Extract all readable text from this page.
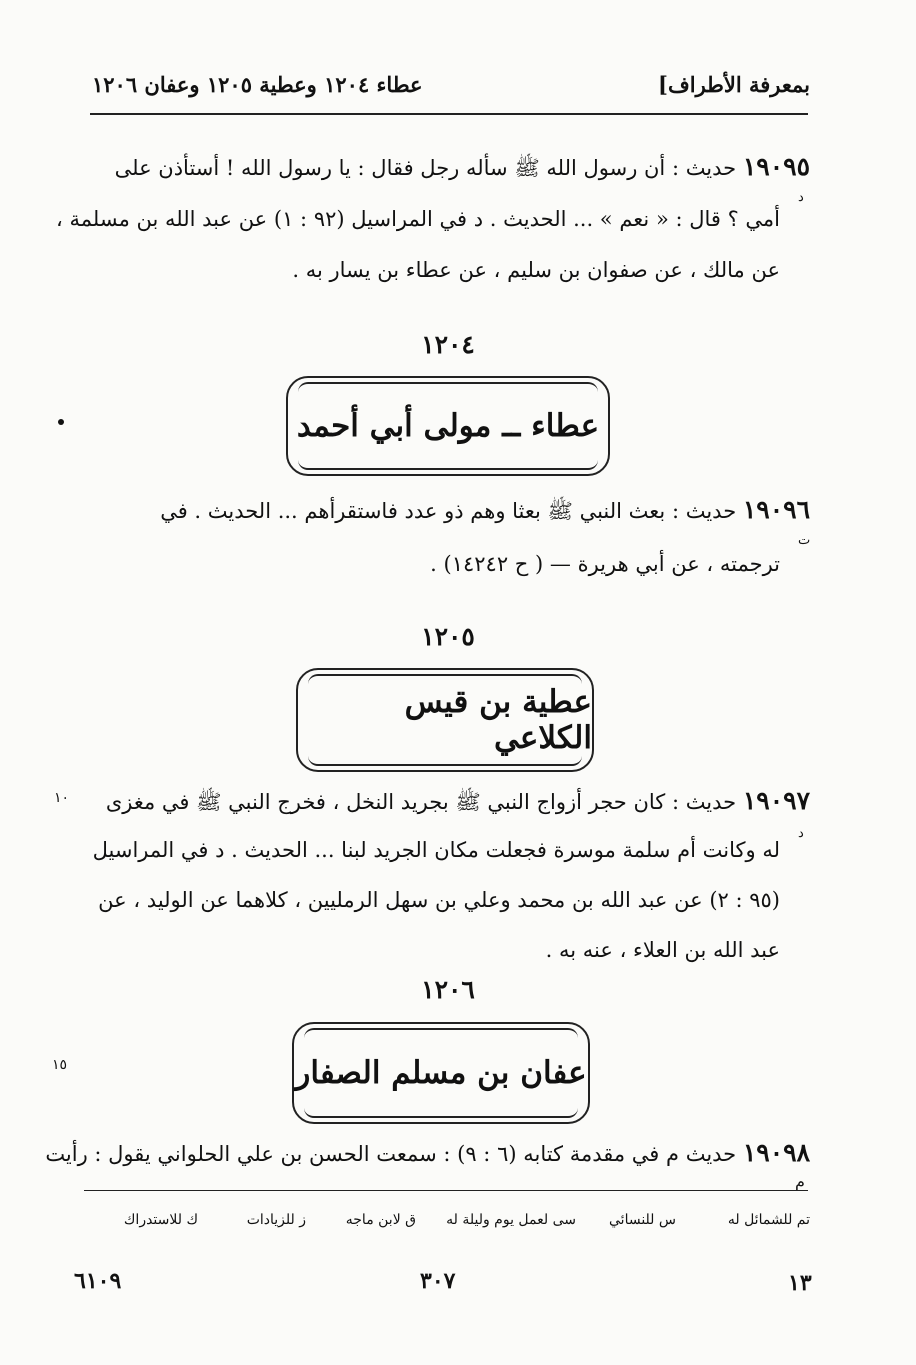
بمعرفة الأطراف]
عطاء ١٢٠٤ وعطية ١٢٠٥ وعفان ١٢٠٦
١٩٠٩٥ حديث : أن رسول الله ﷺ سأله رجل فقال : يا رسول الله ! أستأذن على
د
أمي ؟ قال : « نعم » ... الحديث . د في المراسيل (٩٢ : ١) عن عبد الله بن مسلمة ،
عن مالك ، عن صفوان بن سليم ، عن عطاء بن يسار به .
١٢٠٤
عطاء ــ مولى أبي أحمد
١٩٠٩٦ حديث : بعث النبي ﷺ بعثا وهم ذو عدد فاستقرأهم ... الحديث . في
ت
ترجمته ، عن أبي هريرة — ( ح ١٤٢٤٢) .
١٢٠٥
عطية بن قيس الكلاعي
١٩٠٩٧ حديث : كان حجر أزواج النبي ﷺ بجريد النخل ، فخرج النبي ﷺ في مغزى
١٠
د
له وكانت أم سلمة موسرة فجعلت مكان الجريد لبنا ... الحديث . د في المراسيل
(٩٥ : ٢) عن عبد الله بن محمد وعلي بن سهل الرمليين ، كلاهما عن الوليد ، عن
عبد الله بن العلاء ، عنه به .
١٢٠٦
عفان بن مسلم الصفار
١٥
١٩٠٩٨ حديث م في مقدمة كتابه (٦ : ٩) : سمعت الحسن بن علي الحلواني يقول : رأيت
م
تم للشمائل له
س للنسائي
سى لعمل يوم وليلة له
ق لابن ماجه
ز للزيادات
ك للاستدراك
١٣
٣٠٧
٦١٠٩
